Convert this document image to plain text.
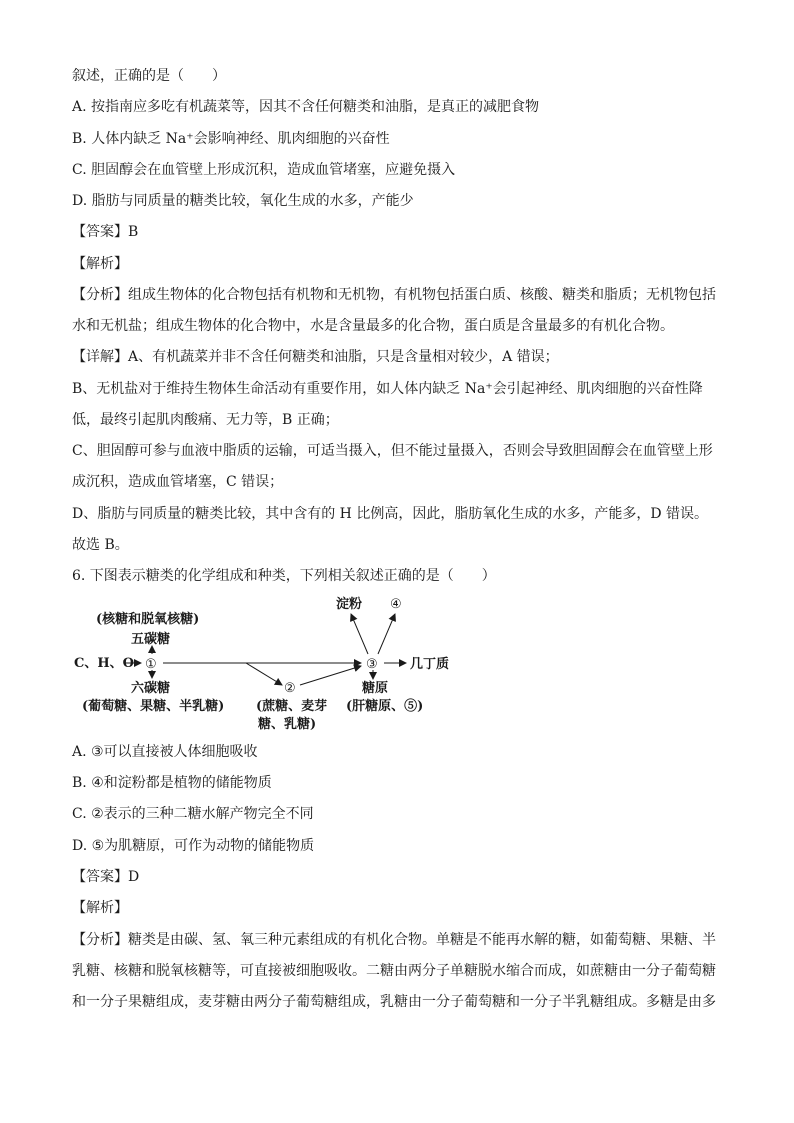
叙述，正确的是（　　）
A. 按指南应多吃有机蔬菜等，因其不含任何糖类和油脂，是真正的减肥食物
B. 人体内缺乏 Na⁺会影响神经、肌肉细胞的兴奋性
C. 胆固醇会在血管壁上形成沉积，造成血管堵塞，应避免摄入
D. 脂肪与同质量的糖类比较，氧化生成的水多，产能少
【答案】B
【解析】
【分析】组成生物体的化合物包括有机物和无机物，有机物包括蛋白质、核酸、糖类和脂质；无机物包括
水和无机盐；组成生物体的化合物中，水是含量最多的化合物，蛋白质是含量最多的有机化合物。
【详解】A、有机蔬菜并非不含任何糖类和油脂，只是含量相对较少，A 错误；
B、无机盐对于维持生物体生命活动有重要作用，如人体内缺乏 Na⁺会引起神经、肌肉细胞的兴奋性降
低，最终引起肌肉酸痛、无力等，B 正确；
C、胆固醇可参与血液中脂质的运输，可适当摄入，但不能过量摄入，否则会导致胆固醇会在血管壁上形
成沉积，造成血管堵塞，C 错误；
D、脂肪与同质量的糖类比较，其中含有的 H 比例高，因此，脂肪氧化生成的水多，产能多，D 错误。
故选 B。
6. 下图表示糖类的化学组成和种类，下列相关叙述正确的是（　　）
(核糖和脱氧核糖)
五碳糖
C、H、O ①
六碳糖
(葡萄糖、果糖、半乳糖)
②
(蔗糖、麦芽
糖、乳糖)
淀粉 ④
③ 几丁质
糖原
(肝糖原、⑤)
A. ③可以直接被人体细胞吸收
B. ④和淀粉都是植物的储能物质
C. ②表示的三种二糖水解产物完全不同
D. ⑤为肌糖原，可作为动物的储能物质
【答案】D
【解析】
【分析】糖类是由碳、氢、氧三种元素组成的有机化合物。单糖是不能再水解的糖，如葡萄糖、果糖、半
乳糖、核糖和脱氧核糖等，可直接被细胞吸收。二糖由两分子单糖脱水缩合而成，如蔗糖由一分子葡萄糖
和一分子果糖组成，麦芽糖由两分子葡萄糖组成，乳糖由一分子葡萄糖和一分子半乳糖组成。多糖是由多
